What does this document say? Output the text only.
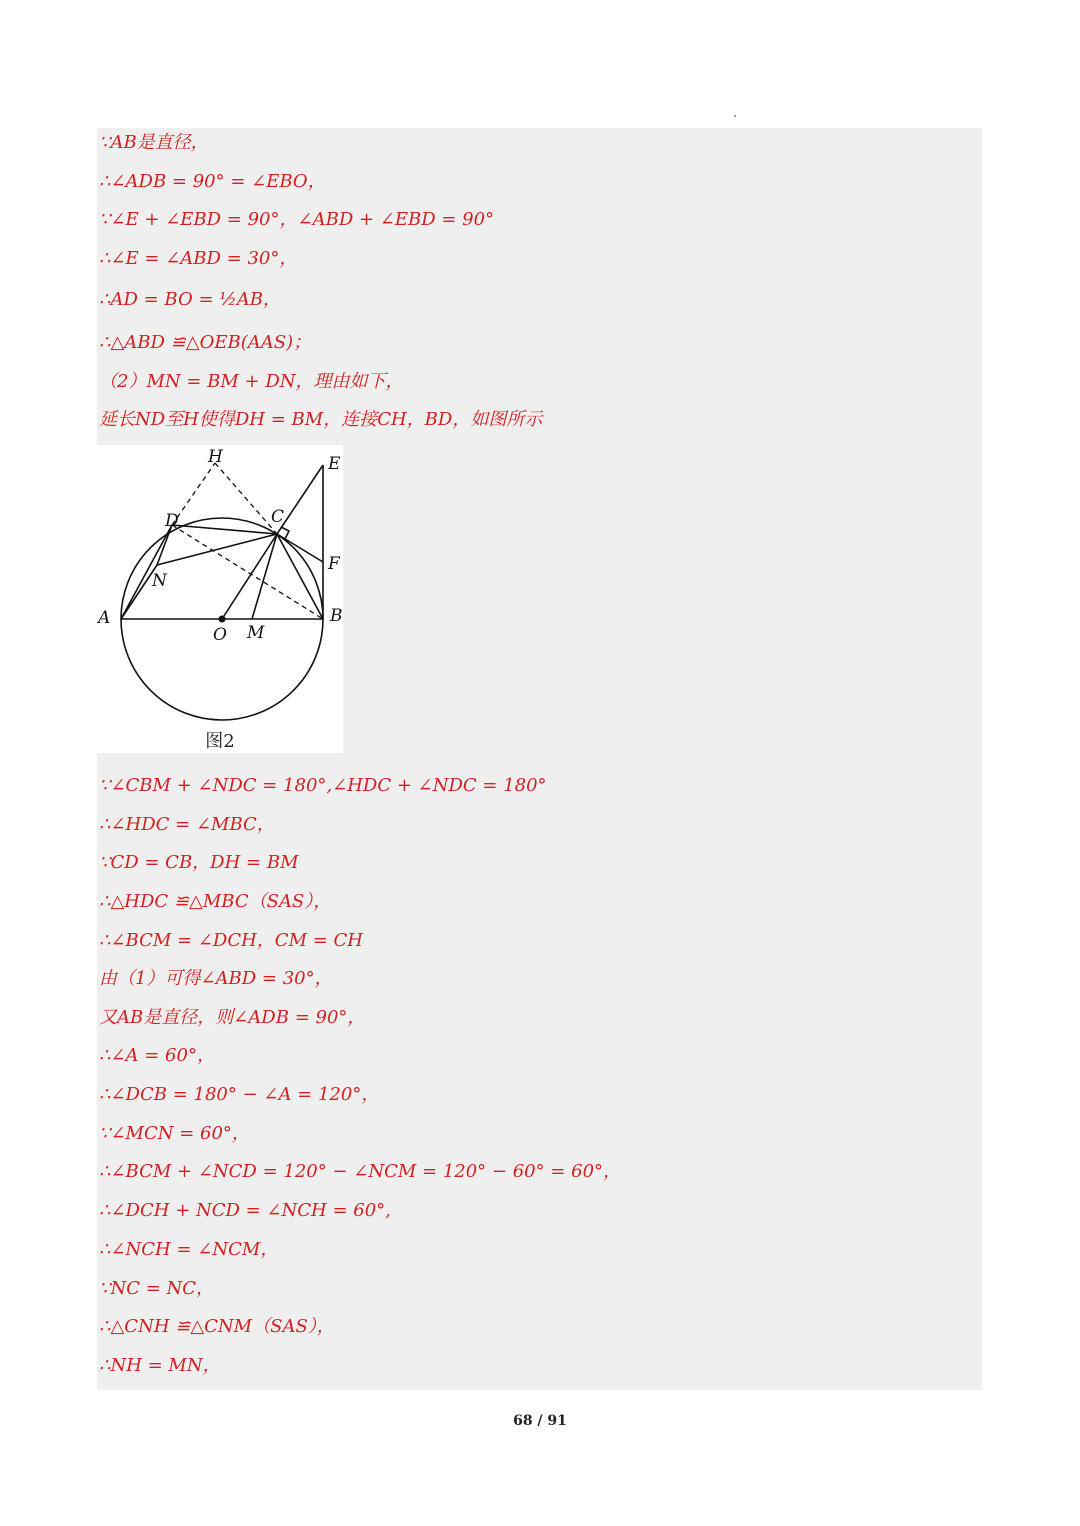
∵AB是直径，
∴∠ADB = 90° = ∠EBO，
∵∠E + ∠EBD = 90°，∠ABD + ∠EBD = 90°
∴∠E = ∠ABD = 30°，
∴AD = BO = ½AB，
∴△ABD ≌△OEB(AAS)；
（2）MN = BM + DN，理由如下，
延长ND至H使得DH = BM，连接CH，BD，如图所示
H	E
D	C
F
N
A	B
O M
图2
∵∠CBM + ∠NDC = 180°,∠HDC + ∠NDC = 180°
∴∠HDC = ∠MBC，
∵CD = CB，DH = BM
∴△HDC ≌△MBC（SAS），
∴∠BCM = ∠DCH，CM = CH
由（1）可得∠ABD = 30°，
又AB是直径，则∠ADB = 90°，
∴∠A = 60°，
∴∠DCB = 180° − ∠A = 120°，
∵∠MCN = 60°，
∴∠BCM + ∠NCD = 120° − ∠NCM = 120° − 60° = 60°，
∴∠DCH + NCD = ∠NCH = 60°,
∴∠NCH = ∠NCM，
∵NC = NC，
∴△CNH ≌△CNM（SAS），
∴NH = MN，
68 / 91
